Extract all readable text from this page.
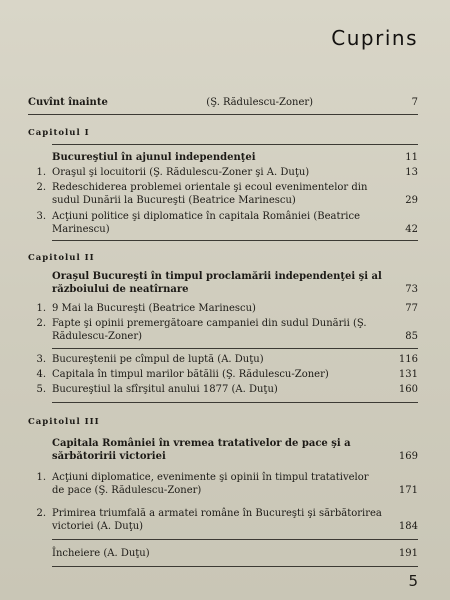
Cuprins
Cuvînt înainte	(Ş. Rădulescu-Zoner)	7
Capitolul I
Bucureştiul în ajunul independenţei	11
1. Oraşul şi locuitorii (Ş. Rădulescu-Zoner şi A. Duţu)	13
2. Redeschiderea problemei orientale şi ecoul evenimentelor din sudul Dunării la Bucureşti (Beatrice Marinescu)	29
3. Acţiuni politice şi diplomatice în capitala României (Beatrice Marinescu)	42
Capitolul II
Oraşul Bucureşti în timpul proclamării independenţei şi al războiului de neatîrnare	73
1. 9 Mai la Bucureşti (Beatrice Marinescu)	77
2. Fapte şi opinii premergătoare campaniei din sudul Dunării (Ş. Rădulescu-Zoner)	85
3. Bucureştenii pe cîmpul de luptă (A. Duţu)	116
4. Capitala în timpul marilor bătălii (Ş. Rădulescu-Zoner)	131
5. Bucureştiul la sfîrşitul anului 1877 (A. Duţu)	160
Capitolul III
Capitala României în vremea tratativelor de pace şi a sărbătoririi victoriei	169
1. Acţiuni diplomatice, evenimente şi opinii în timpul tratativelor de pace (Ş. Rădulescu-Zoner)	171
2. Primirea triumfală a armatei române în Bucureşti şi sărbătorirea victoriei (A. Duţu)	184
Încheiere (A. Duţu)	191
5
